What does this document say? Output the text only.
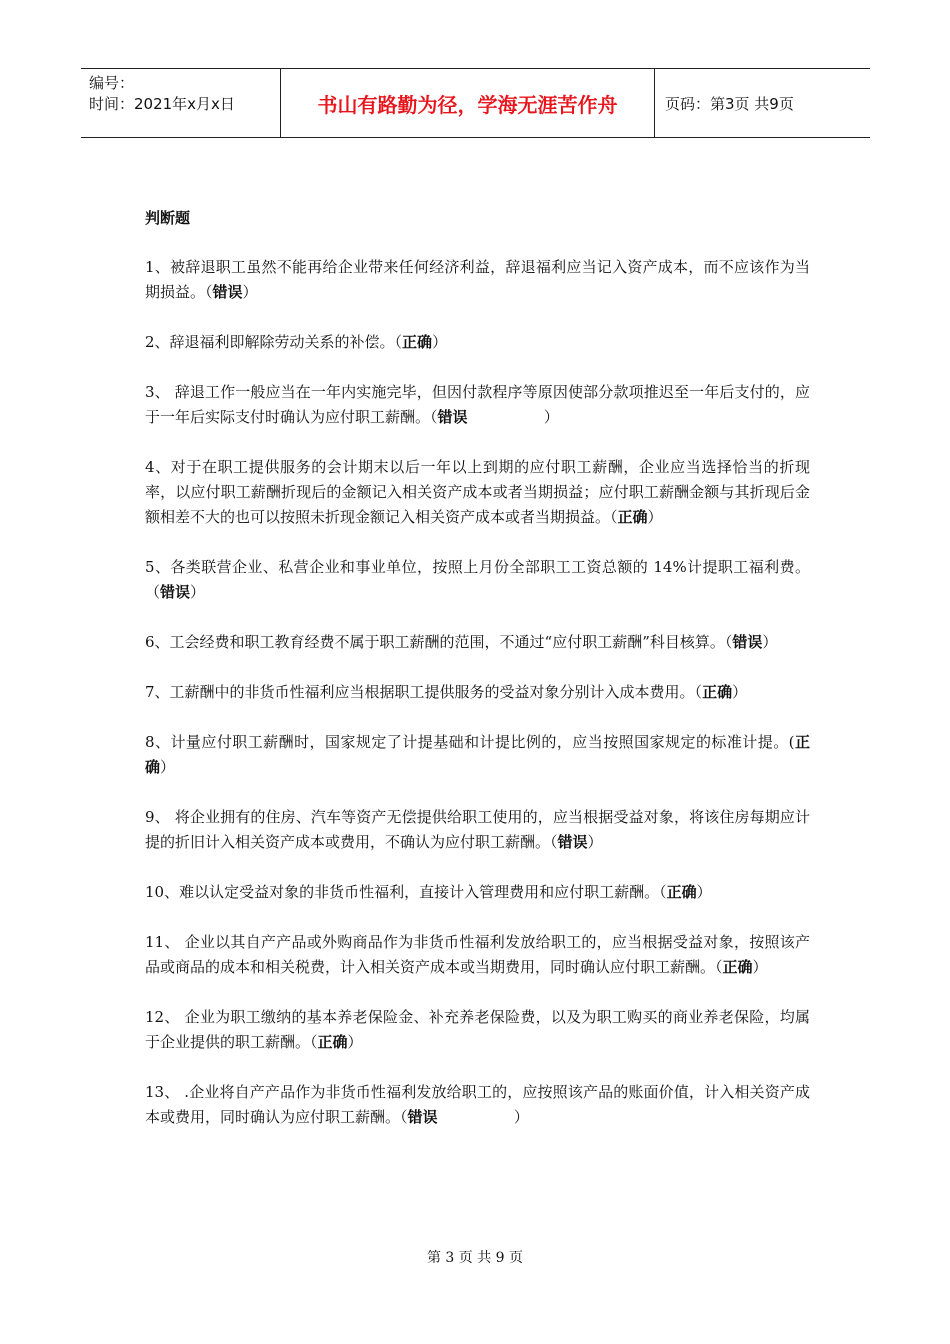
编号：
时间：2021年x月x日	书山有路勤为径，学海无涯苦作舟	页码：第3页 共9页
判断题
1、被辞退职工虽然不能再给企业带来任何经济利益，辞退福利应当记入资产成本，而不应该作为当期损益。（错误）
2、辞退福利即解除劳动关系的补偿。（正确）
3、 辞退工作一般应当在一年内实施完毕，但因付款程序等原因使部分款项推迟至一年后支付的，应于一年后实际支付时确认为应付职工薪酬。（错误                ）
4、对于在职工提供服务的会计期末以后一年以上到期的应付职工薪酬，企业应当选择恰当的折现率，以应付职工薪酬折现后的金额记入相关资产成本或者当期损益；应付职工薪酬金额与其折现后金额相差不大的也可以按照未折现金额记入相关资产成本或者当期损益。（正确）
5、各类联营企业、私营企业和事业单位，按照上月份全部职工工资总额的 14%计提职工福利费。（错误）
6、工会经费和职工教育经费不属于职工薪酬的范围，不通过“应付职工薪酬”科目核算。（错误）
7、工薪酬中的非货币性福利应当根据职工提供服务的受益对象分别计入成本费用。（正确）
8、计量应付职工薪酬时，国家规定了计提基础和计提比例的，应当按照国家规定的标准计提。(正确）
9、 将企业拥有的住房、汽车等资产无偿提供给职工使用的，应当根据受益对象，将该住房每期应计提的折旧计入相关资产成本或费用，不确认为应付职工薪酬。（错误）
10、难以认定受益对象的非货币性福利，直接计入管理费用和应付职工薪酬。（正确）
11、 企业以其自产产品或外购商品作为非货币性福利发放给职工的，应当根据受益对象，按照该产品或商品的成本和相关税费，计入相关资产成本或当期费用，同时确认应付职工薪酬。（正确）
12、 企业为职工缴纳的基本养老保险金、补充养老保险费，以及为职工购买的商业养老保险，均属于企业提供的职工薪酬。（正确）
13、 .企业将自产产品作为非货币性福利发放给职工的，应按照该产品的账面价值，计入相关资产成本或费用，同时确认为应付职工薪酬。（错误                ）
第 3 页 共 9 页
